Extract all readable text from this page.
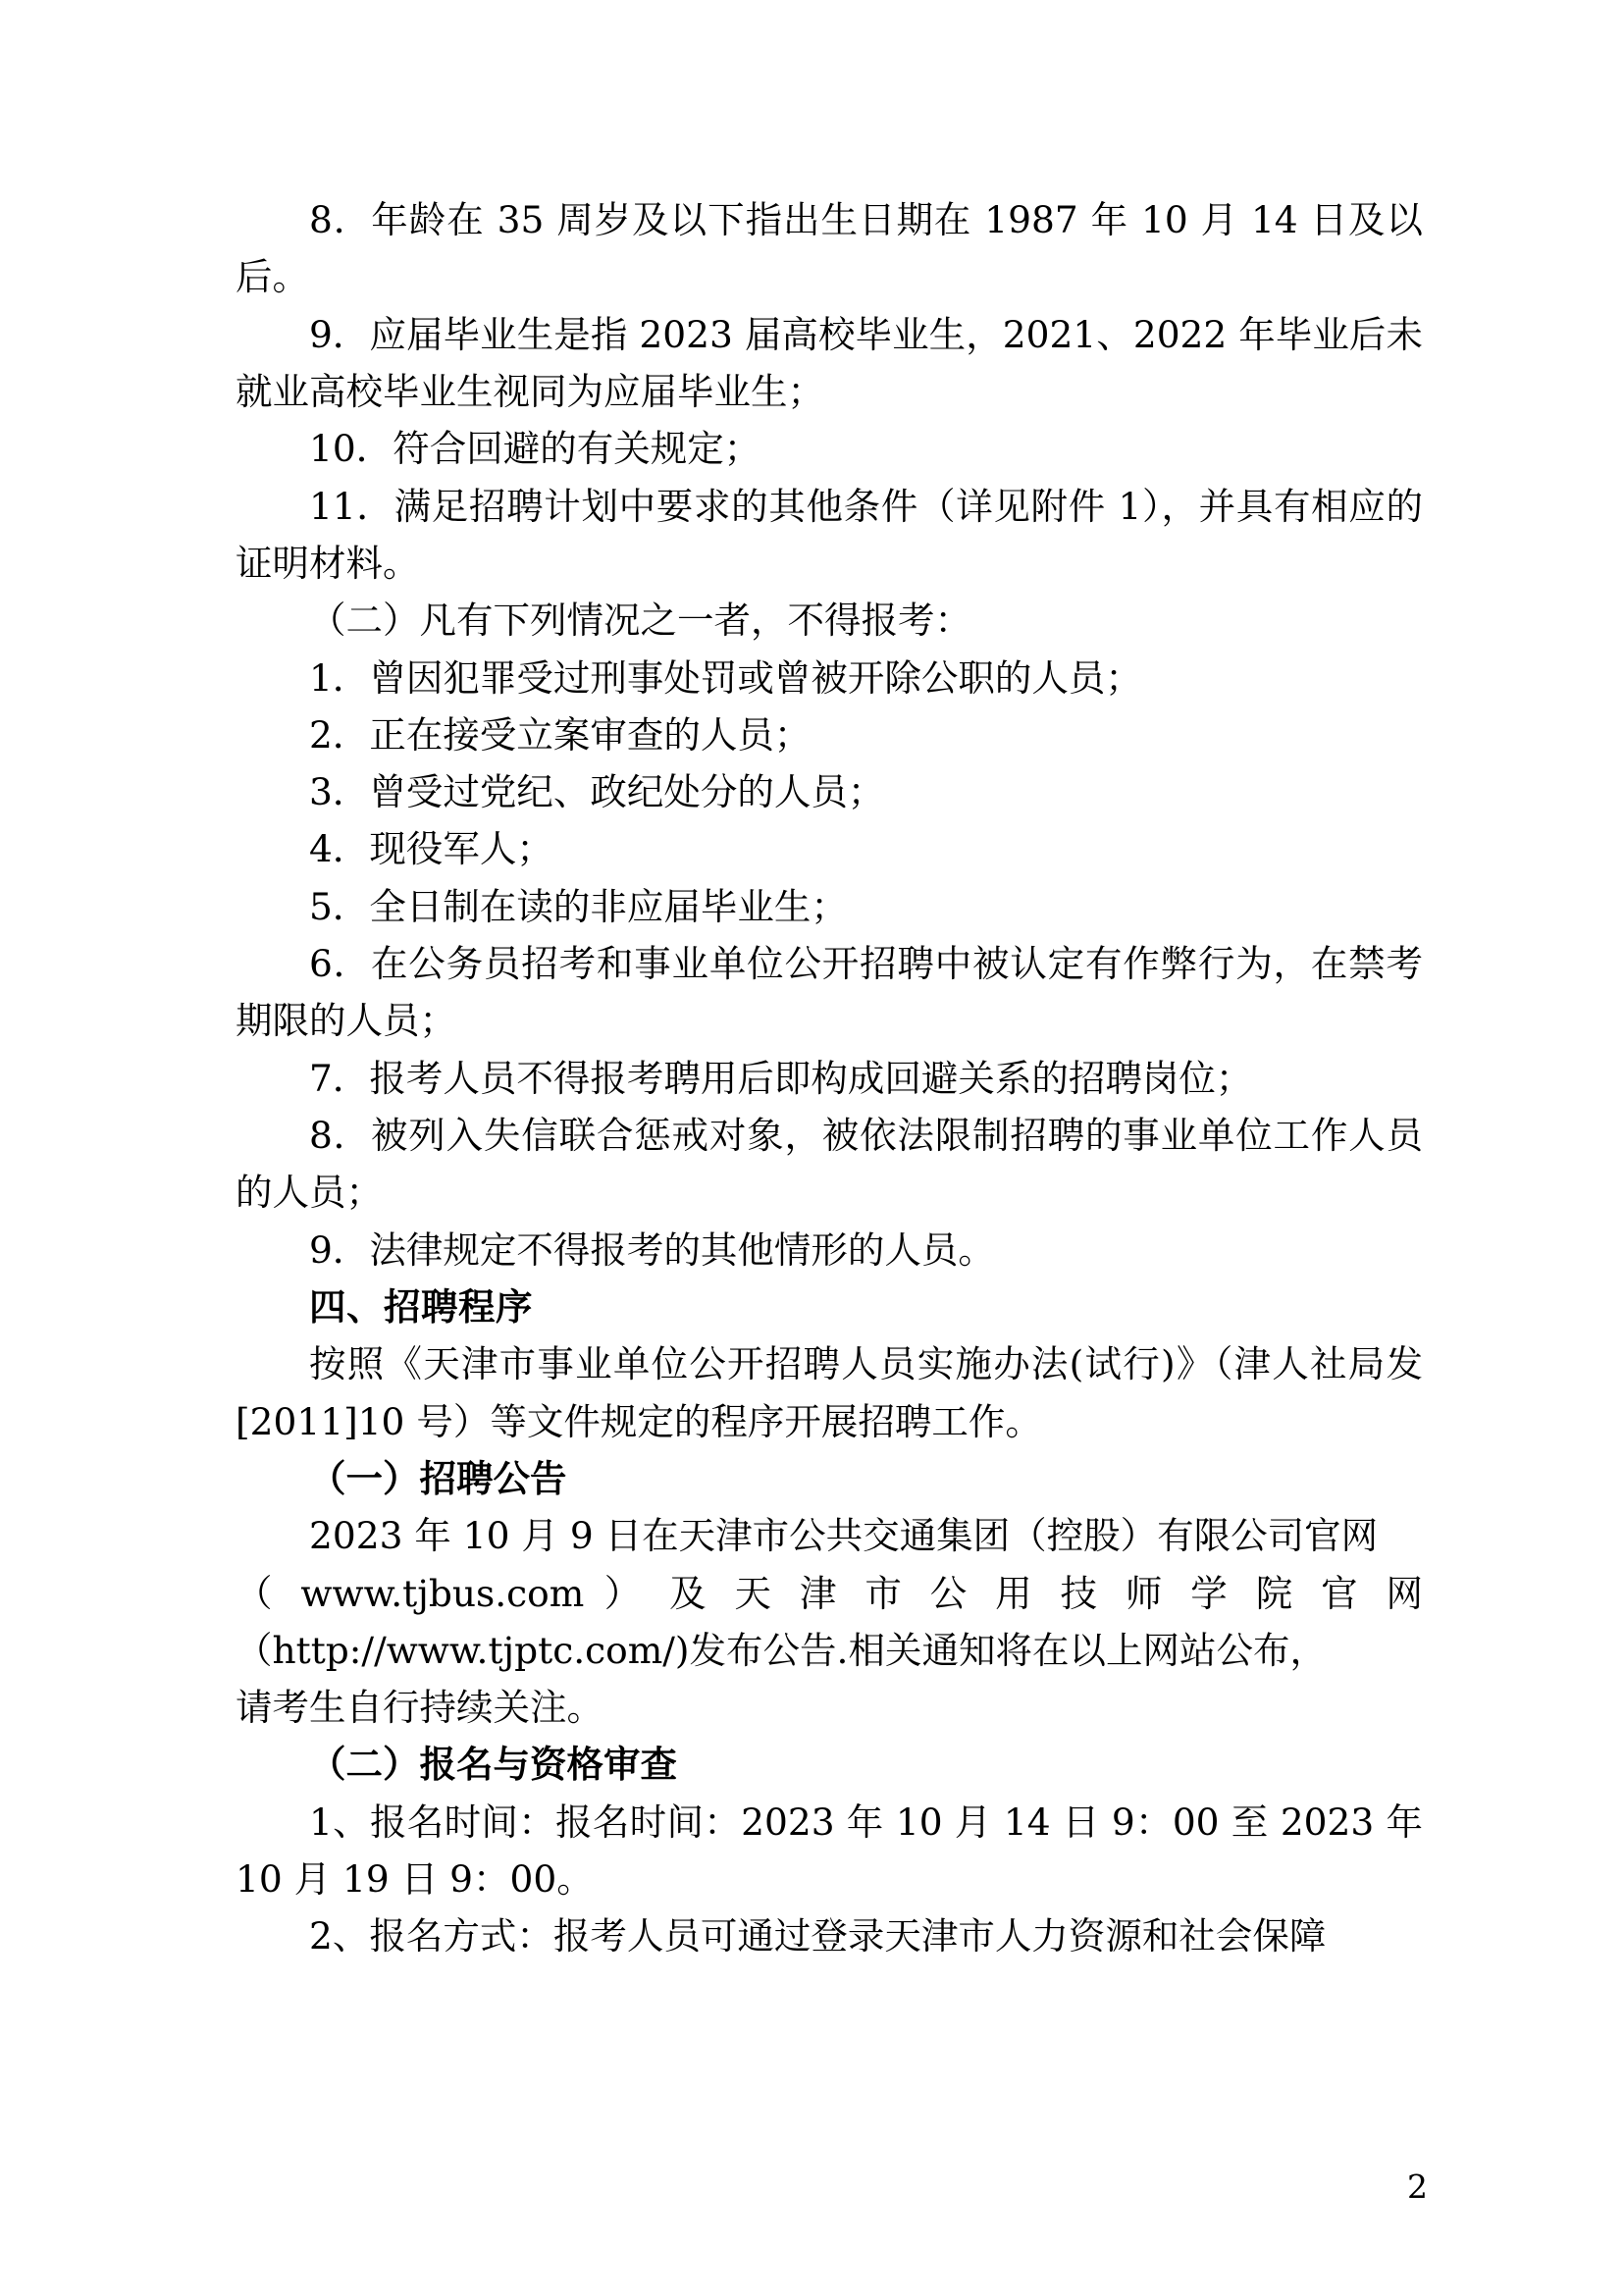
8．年龄在 35 周岁及以下指出生日期在 1987 年 10 月 14 日及以后。

9．应届毕业生是指 2023 届高校毕业生，2021、2022 年毕业后未就业高校毕业生视同为应届毕业生；

10．符合回避的有关规定；

11．满足招聘计划中要求的其他条件（详见附件 1），并具有相应的证明材料。

（二）凡有下列情况之一者，不得报考：

1．曾因犯罪受过刑事处罚或曾被开除公职的人员；

2．正在接受立案审查的人员；

3．曾受过党纪、政纪处分的人员；

4．现役军人；

5．全日制在读的非应届毕业生；

6．在公务员招考和事业单位公开招聘中被认定有作弊行为，在禁考期限的人员；

7．报考人员不得报考聘用后即构成回避关系的招聘岗位；

8．被列入失信联合惩戒对象，被依法限制招聘的事业单位工作人员的人员；

9．法律规定不得报考的其他情形的人员。

四、招聘程序

按照《天津市事业单位公开招聘人员实施办法(试行)》（津人社局发[2011]10 号）等文件规定的程序开展招聘工作。

（一）招聘公告

2023 年 10 月 9 日在天津市公共交通集团（控股）有限公司官网

（ www.tjbus.com ） 及 天 津 市 公 用 技 师 学 院 官 网

（http://www.tjptc.com/)发布公告.相关通知将在以上网站公布，

请考生自行持续关注。

（二）报名与资格审查

1、报名时间：报名时间：2023 年 10 月 14 日 9：00 至 2023 年 10 月 19 日 9：00。

2、报名方式：报考人员可通过登录天津市人力资源和社会保障

2
